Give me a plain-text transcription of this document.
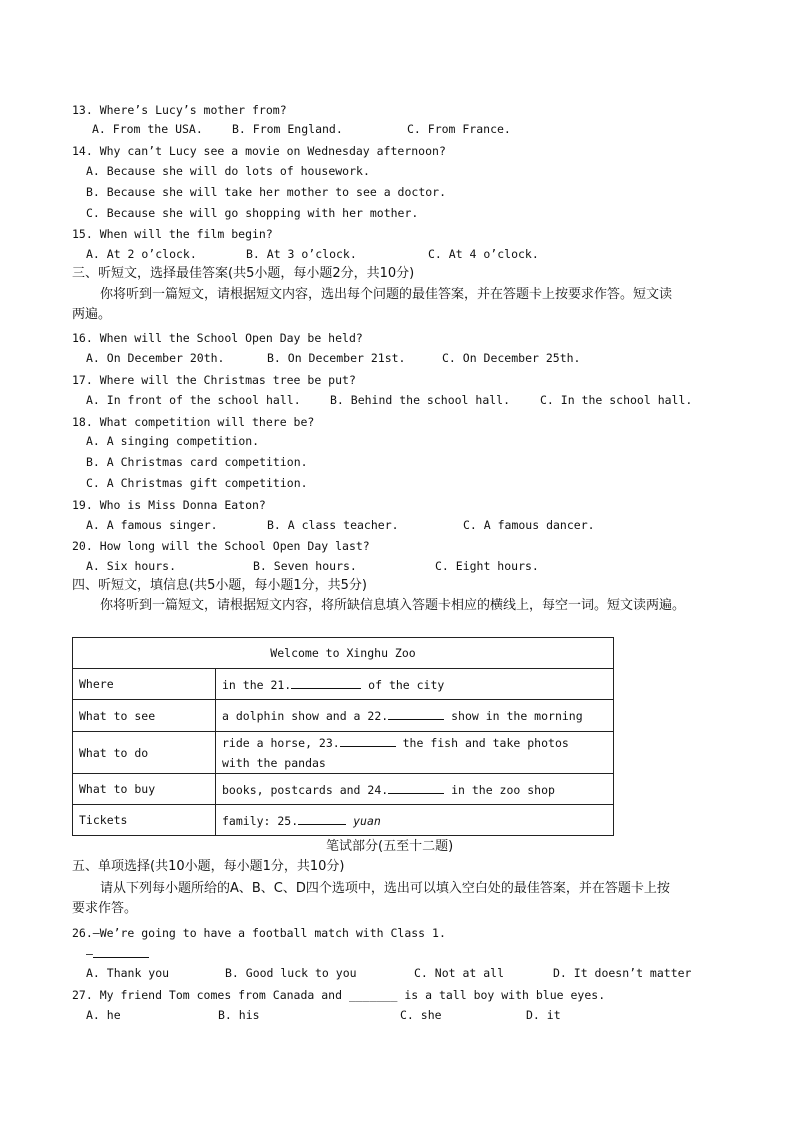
13. Where’s Lucy’s mother from?
A. From the USA.	B. From England.	C. From France.
14. Why can’t Lucy see a movie on Wednesday afternoon?
A. Because she will do lots of housework.
B. Because she will take her mother to see a doctor.
C. Because she will go shopping with her mother.
15. When will the film begin?
A. At 2 o’clock.	B. At 3 o’clock.	C. At 4 o’clock.
三、听短文，选择最佳答案(共5小题，每小题2分，共10分)
你将听到一篇短文，请根据短文内容，选出每个问题的最佳答案，并在答题卡上按要求作答。短文读
两遍。
16. When will the School Open Day be held?
A. On December 20th.	B. On December 21st.	C. On December 25th.
17. Where will the Christmas tree be put?
A. In front of the school hall.	B. Behind the school hall.	C. In the school hall.
18. What competition will there be?
A. A singing competition.
B. A Christmas card competition.
C. A Christmas gift competition.
19. Who is Miss Donna Eaton?
A. A famous singer.	B. A class teacher.	C. A famous dancer.
20. How long will the School Open Day last?
A. Six hours.	B. Seven hours.	C. Eight hours.
四、听短文，填信息(共5小题，每小题1分，共5分)
你将听到一篇短文，请根据短文内容，将所缺信息填入答题卡相应的横线上，每空一词。短文读两遍。
Welcome to Xinghu Zoo	
Where	in the 21. of the city
What to see	a dolphin show and a 22. show in the morning
What to do	ride a horse, 23. the fish and take photos
with the pandas
What to buy	books, postcards and 24. in the zoo shop
Tickets	family: 25. yuan
笔试部分(五至十二题)
五、单项选择(共10小题，每小题1分，共10分)
请从下列每小题所给的A、B、C、D四个选项中，选出可以填入空白处的最佳答案，并在答题卡上按
要求作答。
26.—We’re going to have a football match with Class 1.
—
A. Thank you	B. Good luck to you	C. Not at all	D. It doesn’t matter
27. My friend Tom comes from Canada and _______ is a tall boy with blue eyes.
A. he	B. his	C. she	D. it
